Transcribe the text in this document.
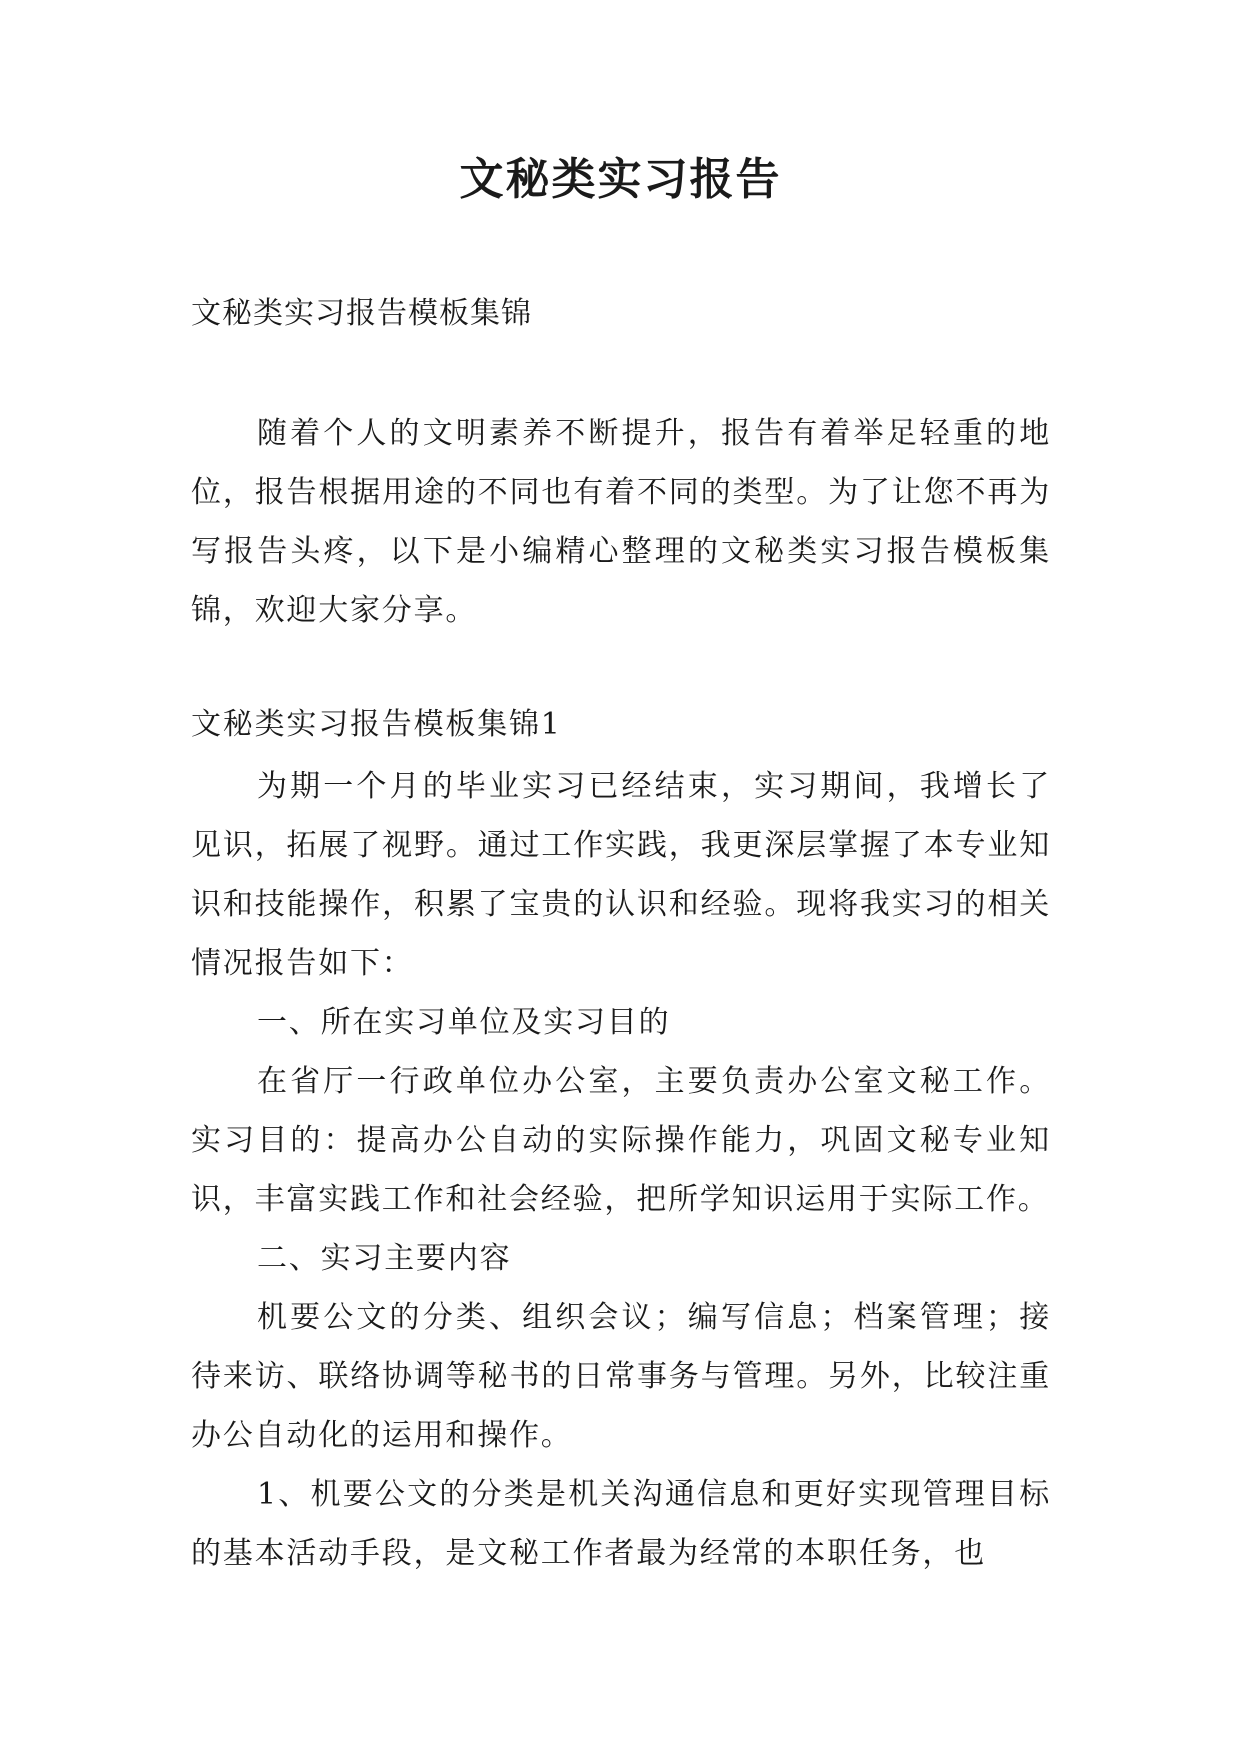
文秘类实习报告

文秘类实习报告模板集锦

随着个人的文明素养不断提升，报告有着举足轻重的地位，报告根据用途的不同也有着不同的类型。为了让您不再为写报告头疼，以下是小编精心整理的文秘类实习报告模板集锦，欢迎大家分享。

文秘类实习报告模板集锦1

为期一个月的毕业实习已经结束，实习期间，我增长了见识，拓展了视野。通过工作实践，我更深层掌握了本专业知识和技能操作，积累了宝贵的认识和经验。现将我实习的相关情况报告如下：

一、所在实习单位及实习目的

在省厅一行政单位办公室，主要负责办公室文秘工作。实习目的：提高办公自动的实际操作能力，巩固文秘专业知识，丰富实践工作和社会经验，把所学知识运用于实际工作。

二、实习主要内容

机要公文的分类、组织会议；编写信息；档案管理；接待来访、联络协调等秘书的日常事务与管理。另外，比较注重办公自动化的运用和操作。

1、机要公文的分类是机关沟通信息和更好实现管理目标的基本活动手段，是文秘工作者最为经常的本职任务，也
